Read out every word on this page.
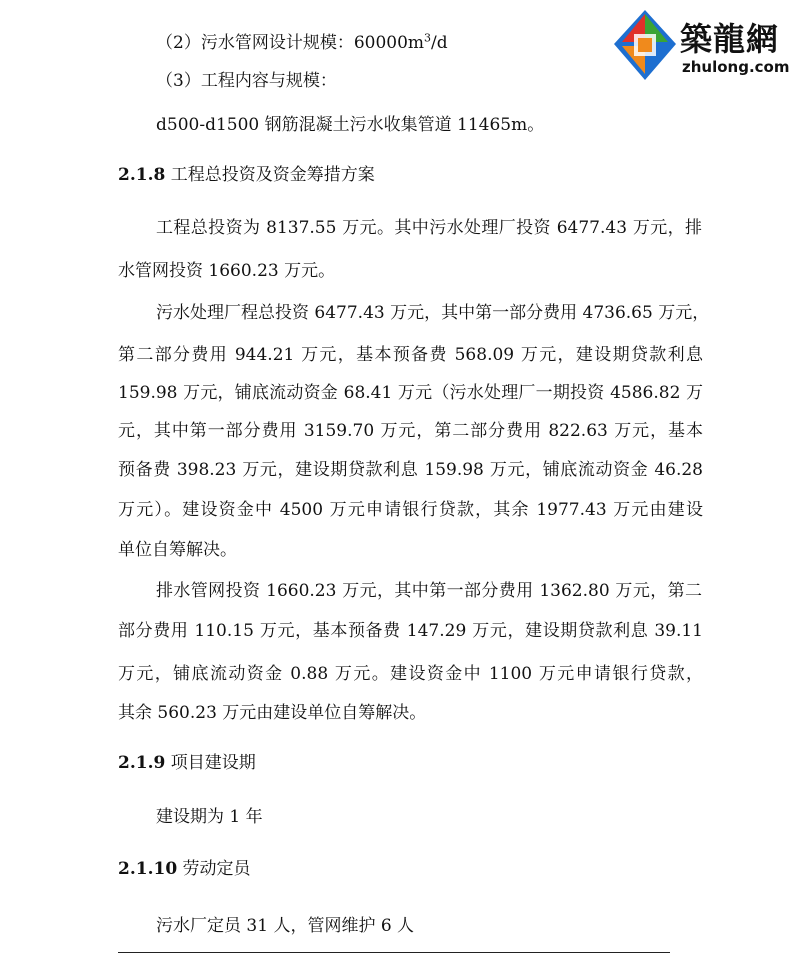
築龍網
zhulong.com
（2）污水管网设计规模：$60000m^3/d$
（3）工程内容与规模：
d500-d1500 钢筋混凝土污水收集管道 11465m。
2.1.8 工程总投资及资金筹措方案
工程总投资为 8137.55 万元。其中污水处理厂投资 6477.43 万元，排
水管网投资 1660.23 万元。
污水处理厂程总投资 6477.43 万元，其中第一部分费用 4736.65 万元，
第二部分费用 944.21 万元，基本预备费 568.09 万元，建设期贷款利息
159.98 万元，铺底流动资金 68.41 万元（污水处理厂一期投资 4586.82 万
元，其中第一部分费用 3159.70 万元，第二部分费用 822.63 万元，基本
预备费 398.23 万元，建设期贷款利息 159.98 万元，铺底流动资金 46.28
万元）。建设资金中 4500 万元申请银行贷款，其余 1977.43 万元由建设
单位自筹解决。
排水管网投资 1660.23 万元，其中第一部分费用 1362.80 万元，第二
部分费用 110.15 万元，基本预备费 147.29 万元，建设期贷款利息 39.11
万元，铺底流动资金 0.88 万元。建设资金中 1100 万元申请银行贷款，
其余 560.23 万元由建设单位自筹解决。
2.1.9 项目建设期
建设期为 1 年
2.1.10 劳动定员
污水厂定员 31 人，管网维护 6 人
